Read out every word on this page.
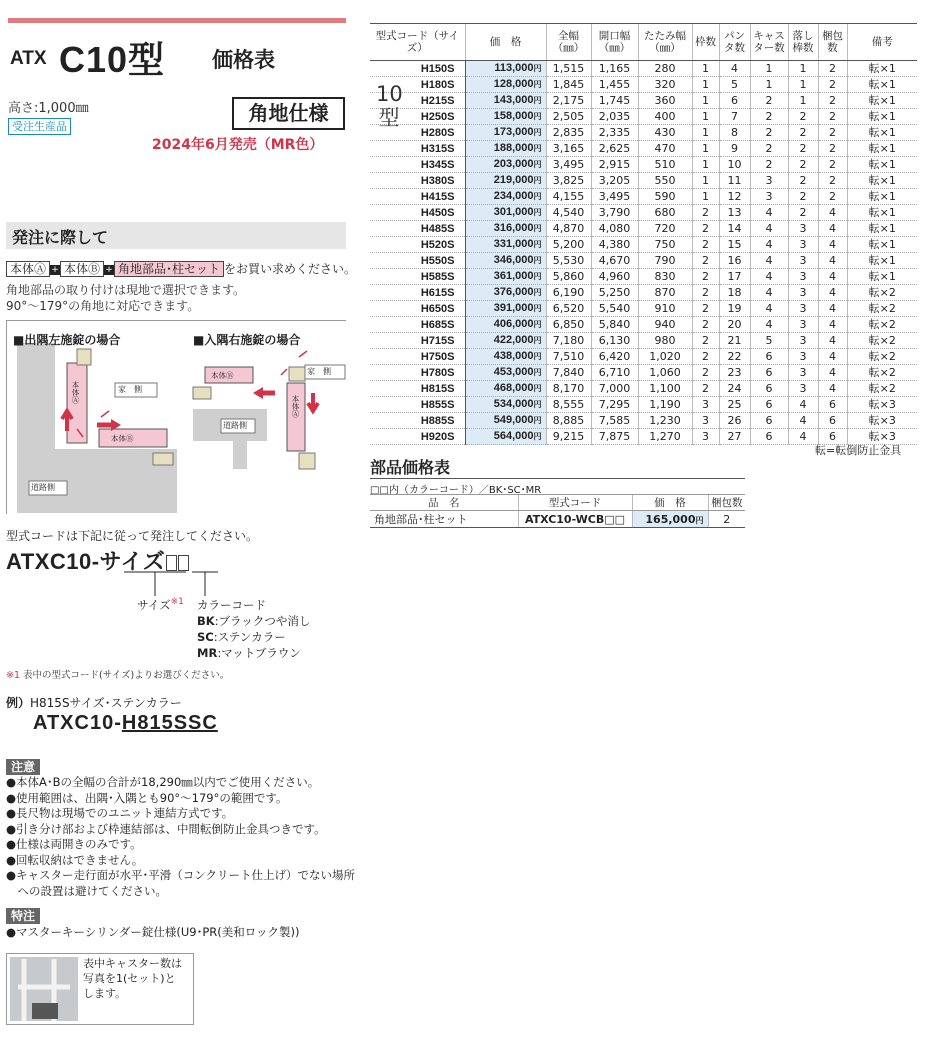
ATX C10型 価格表
高さ:1,000㎜
受注生産品
角地仕様
2024年6月発売（MR色）
発注に際して
本体Ⓐ + 本体Ⓑ + 角地部品･柱セット をお買い求めください。
角地部品の取り付けは現地で選択できます。
90°～179°の角地に対応できます。
■出隅左施錠の場合	■入隅右施錠の場合
家　側
家　側
道路側
道路側
本体Ⓐ
本体Ⓑ
本体Ⓑ
本体Ⓐ
型式コードは下記に従って発注してください。
ATXC10-サイズ
サイズ$^{※1}$ カラーコード
BK:ブラックつや消し
SC:ステンカラー
MR:マットブラウン
※1 表中の型式コード(サイズ)よりお選びください。
例）H815Sサイズ･ステンカラー
ATXC10-H815SSC
注意
●本体A･Bの全幅の合計が18,290㎜以内でご使用ください。
●使用範囲は、出隅･入隅とも90°～179°の範囲です。
●長尺物は現場でのユニット連結方式です。
●引き分け部および枠連結部は、中間転倒防止金具つきです。
●仕様は両開きのみです。
●回転収納はできません。
●キャスター走行面が水平･平滑（コンクリート仕上げ）でない場所
　への設置は避けてください。
特注
●マスターキーシリンダー錠仕様(U9･PR(美和ロック製))
表中キャスター数は
写真を1(セット)と
します。
型式コード（サイズ）	価　格	全幅（㎜）	開口幅（㎜）	たたみ幅（㎜）	枠数	パンタ数	キャスター数	落し棒数	梱包数	備考
H150S	113,000円	1,515	1,165	280	1	4	1	1	2	転×1
H180S	128,000円	1,845	1,455	320	1	5	1	1	2	転×1
H215S	143,000円	2,175	1,745	360	1	6	2	1	2	転×1
H250S	158,000円	2,505	2,035	400	1	7	2	2	2	転×1
H280S	173,000円	2,835	2,335	430	1	8	2	2	2	転×1
H315S	188,000円	3,165	2,625	470	1	9	2	2	2	転×1
H345S	203,000円	3,495	2,915	510	1	10	2	2	2	転×1
H380S	219,000円	3,825	3,205	550	1	11	3	2	2	転×1
H415S	234,000円	4,155	3,495	590	1	12	3	2	2	転×1
H450S	301,000円	4,540	3,790	680	2	13	4	2	4	転×1
H485S	316,000円	4,870	4,080	720	2	14	4	3	4	転×1
H520S	331,000円	5,200	4,380	750	2	15	4	3	4	転×1
H550S	346,000円	5,530	4,670	790	2	16	4	3	4	転×1
H585S	361,000円	5,860	4,960	830	2	17	4	3	4	転×1
H615S	376,000円	6,190	5,250	870	2	18	4	3	4	転×2
H650S	391,000円	6,520	5,540	910	2	19	4	3	4	転×2
H685S	406,000円	6,850	5,840	940	2	20	4	3	4	転×2
H715S	422,000円	7,180	6,130	980	2	21	5	3	4	転×2
H750S	438,000円	7,510	6,420	1,020	2	22	6	3	4	転×2
H780S	453,000円	7,840	6,710	1,060	2	23	6	3	4	転×2
H815S	468,000円	8,170	7,000	1,100	2	24	6	3	4	転×2
H855S	534,000円	8,555	7,295	1,190	3	25	6	4	6	転×3
H885S	549,000円	8,885	7,585	1,230	3	26	6	4	6	転×3
H920S	564,000円	9,215	7,875	1,270	3	27	6	4	6	転×3
10型
転=転倒防止金具
部品価格表
□□内（カラーコード）／BK･SC･MR
品　名	型式コード	価　格	梱包数
角地部品･柱セット	ATXC10-WCB□□	165,000円	2
